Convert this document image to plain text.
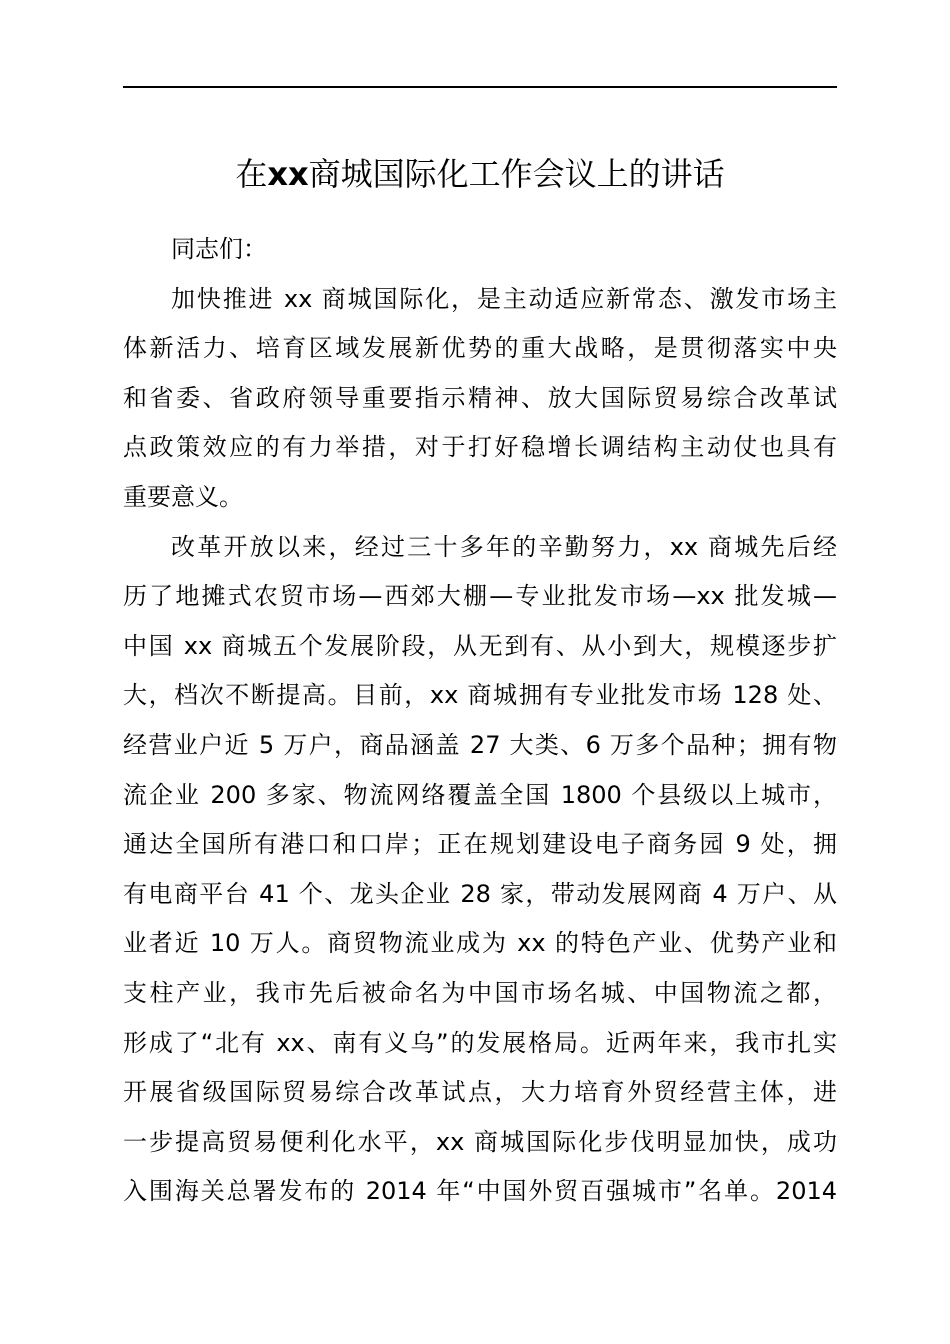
在xx商城国际化工作会议上的讲话
同志们：
加快推进 xx 商城国际化，是主动适应新常态、激发市场主
体新活力、培育区域发展新优势的重大战略，是贯彻落实中央
和省委、省政府领导重要指示精神、放大国际贸易综合改革试
点政策效应的有力举措，对于打好稳增长调结构主动仗也具有
重要意义。
改革开放以来，经过三十多年的辛勤努力，xx 商城先后经
历了地摊式农贸市场—西郊大棚—专业批发市场—xx 批发城—
中国 xx 商城五个发展阶段，从无到有、从小到大，规模逐步扩
大，档次不断提高。目前，xx 商城拥有专业批发市场 128 处、
经营业户近 5 万户，商品涵盖 27 大类、6 万多个品种；拥有物
流企业 200 多家、物流网络覆盖全国 1800 个县级以上城市，
通达全国所有港口和口岸；正在规划建设电子商务园 9 处，拥
有电商平台 41 个、龙头企业 28 家，带动发展网商 4 万户、从
业者近 10 万人。商贸物流业成为 xx 的特色产业、优势产业和
支柱产业，我市先后被命名为中国市场名城、中国物流之都，
形成了“北有 xx、南有义乌”的发展格局。近两年来，我市扎实
开展省级国际贸易综合改革试点，大力培育外贸经营主体，进
一步提高贸易便利化水平，xx 商城国际化步伐明显加快，成功
入围海关总署发布的 2014 年“中国外贸百强城市”名单。2014
